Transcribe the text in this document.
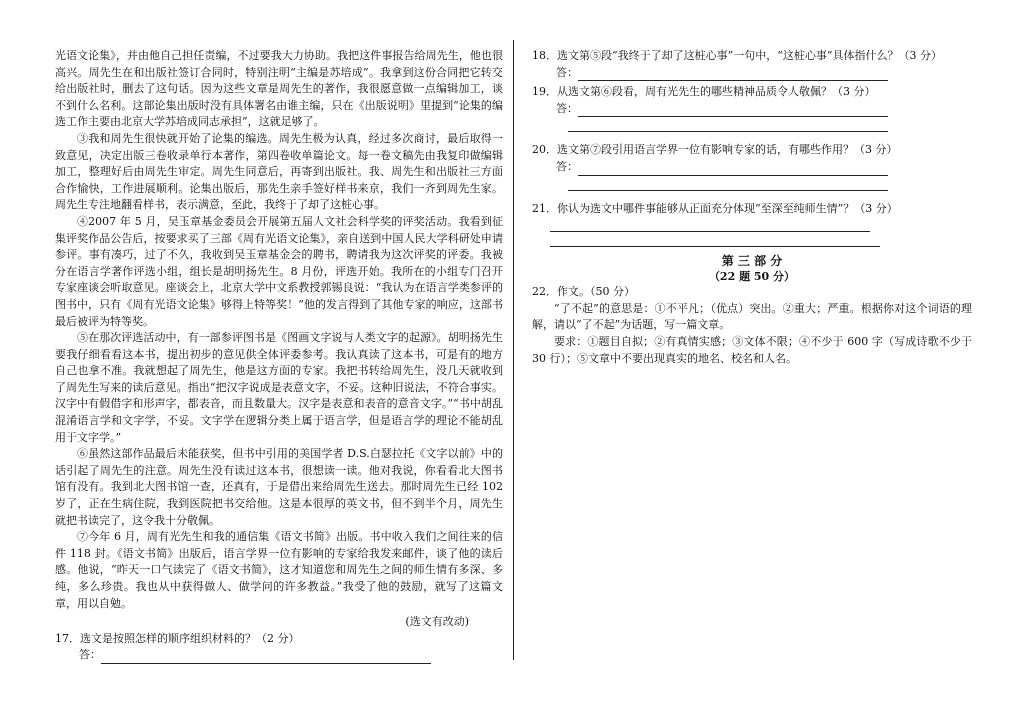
光语文论集》，并由他自己担任责编，不过要我大力协助。我把这件事报告给周先生，他也很高兴。周先生在和出版社签订合同时，特别注明“主编是苏培成”。我拿到这份合同把它转交给出版社时，删去了这句话。因为这些文章是周先生的著作，我很愿意做一点编辑加工，谈不到什么名利。这部论集出版时没有具体署名由谁主编，只在《出版说明》里提到“论集的编选工作主要由北京大学苏培成同志承担”，这就足够了。

③我和周先生很快就开始了论集的编选。周先生极为认真，经过多次商讨，最后取得一致意见，决定出版三卷收录单行本著作，第四卷收单篇论文。每一卷文稿先由我复印做编辑加工，整理好后由周先生审定。周先生同意后，再寄到出版社。我、周先生和出版社三方面合作愉快，工作进展顺利。论集出版后，那先生亲手签好样书来京，我们一齐到周先生家。周先生专注地翻看样书，表示满意，至此，我终于了却了这桩心事。

④2007 年 5 月，吴玉章基金委员会开展第五届人文社会科学奖的评奖活动。我看到征集评奖作品公告后，按要求买了三部《周有光语文论集》，亲自送到中国人民大学科研处申请参评。事有凑巧，过了不久，我收到吴玉章基金会的聘书，聘请我为这次评奖的评委。我被分在语言学著作评选小组，组长是胡明扬先生。8 月份，评选开始。我所在的小组专门召开专家座谈会听取意见。座谈会上，北京大学中文系教授郭锡良说：“我认为在语言学类参评的图书中，只有《周有光语文论集》够得上特等奖！”他的发言得到了其他专家的响应，这部书最后被评为特等奖。

⑤在那次评选活动中，有一部参评图书是《图画文字说与人类文字的起源》。胡明扬先生要我仔细看看这本书，提出初步的意见供全体评委参考。我认真读了这本书，可是有的地方自己也拿不准。我就想起了周先生，他是这方面的专家。我把书转给周先生，没几天就收到了周先生写来的读后意见。指出“把汉字说成是表意文字，不妥。这种旧说法，不符合事实。汉字中有假借字和形声字，都表音，而且数量大。汉字是表意和表音的意音文字。”“书中胡乱混淆语言学和文字学，不妥。文字学在逻辑分类上属于语言学，但是语言学的理论不能胡乱用于文字学。”

⑥虽然这部作品最后未能获奖，但书中引用的美国学者 D.S.白瑟拉托《文字以前》中的话引起了周先生的注意。周先生没有读过这本书，很想读一读。他对我说，你看看北大图书馆有没有。我到北大图书馆一查，还真有，于是借出来给周先生送去。那时周先生已经 102 岁了，正在生病住院，我到医院把书交给他。这是本很厚的英文书，但不到半个月，周先生就把书读完了，这令我十分敬佩。

⑦今年 6 月，周有光先生和我的通信集《语文书简》出版。书中收入我们之间往来的信件 118 封。《语文书简》出版后，语言学界一位有影响的专家给我发来邮件，谈了他的读后感。他说，“昨天一口气读完了《语文书简》，这才知道您和周先生之间的师生情有多深、多纯，多么珍贵。我也从中获得做人、做学问的许多教益。”我受了他的鼓励，就写了这篇文章，用以自勉。

(选文有改动)

17．选文是按照怎样的顺序组织材料的？（2 分）

答：

18．选文第⑤段“我终于了却了这桩心事”一句中，“这桩心事”具体指什么？（3 分）

答：

19．从选文第⑥段看，周有光先生的哪些精神品质令人敬佩？（3 分）

答：

20．选文第⑦段引用语言学界一位有影响专家的话，有哪些作用？（3 分）

答：

21．你认为选文中哪件事能够从正面充分体现“至深至纯师生情”？（3 分）

第 三 部 分
（22 题 50 分）

22．作文。（50 分）

“了不起”的意思是：①不平凡；（优点）突出。②重大；严重。根据你对这个词语的理解，请以“了不起”为话题，写一篇文章。

要求：①题目自拟；②有真情实感；③文体不限；④不少于 600 字（写成诗歌不少于 30 行）；⑤文章中不要出现真实的地名、校名和人名。
